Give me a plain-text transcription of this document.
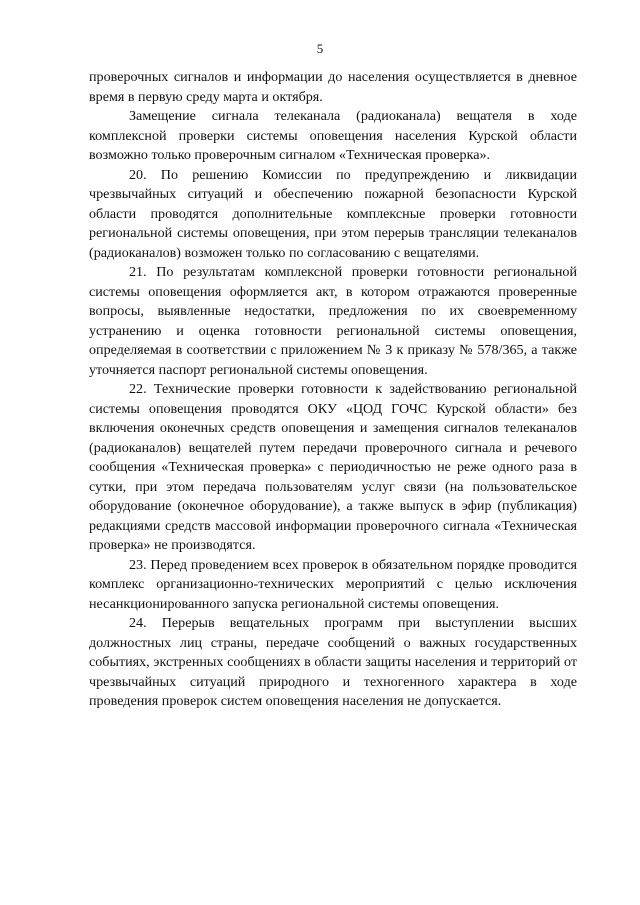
5

проверочных сигналов и информации до населения осуществляется в дневное время в первую среду марта и октября.

Замещение сигнала телеканала (радиоканала) вещателя в ходе комплексной проверки системы оповещения населения Курской области возможно только проверочным сигналом «Техническая проверка».

20. По решению Комиссии по предупреждению и ликвидации чрезвычайных ситуаций и обеспечению пожарной безопасности Курской области проводятся дополнительные комплексные проверки готовности региональной системы оповещения, при этом перерыв трансляции телеканалов (радиоканалов) возможен только по согласованию с вещателями.

21. По результатам комплексной проверки готовности региональной системы оповещения оформляется акт, в котором отражаются проверенные вопросы, выявленные недостатки, предложения по их своевременному устранению и оценка готовности региональной системы оповещения, определяемая в соответствии с приложением № 3 к приказу № 578/365, а также уточняется паспорт региональной системы оповещения.

22. Технические проверки готовности к задействованию региональной системы оповещения проводятся ОКУ «ЦОД ГОЧС Курской области» без включения оконечных средств оповещения и замещения сигналов телеканалов (радиоканалов) вещателей путем передачи проверочного сигнала и речевого сообщения «Техническая проверка» с периодичностью не реже одного раза в сутки, при этом передача пользователям услуг связи (на пользовательское оборудование (оконечное оборудование), а также выпуск в эфир (публикация) редакциями средств массовой информации проверочного сигнала «Техническая проверка» не производятся.

23. Перед проведением всех проверок в обязательном порядке проводится комплекс организационно-технических мероприятий с целью исключения несанкционированного запуска региональной системы оповещения.

24. Перерыв вещательных программ при выступлении высших должностных лиц страны, передаче сообщений о важных государственных событиях, экстренных сообщениях в области защиты населения и территорий от чрезвычайных ситуаций природного и техногенного характера в ходе проведения проверок систем оповещения населения не допускается.
